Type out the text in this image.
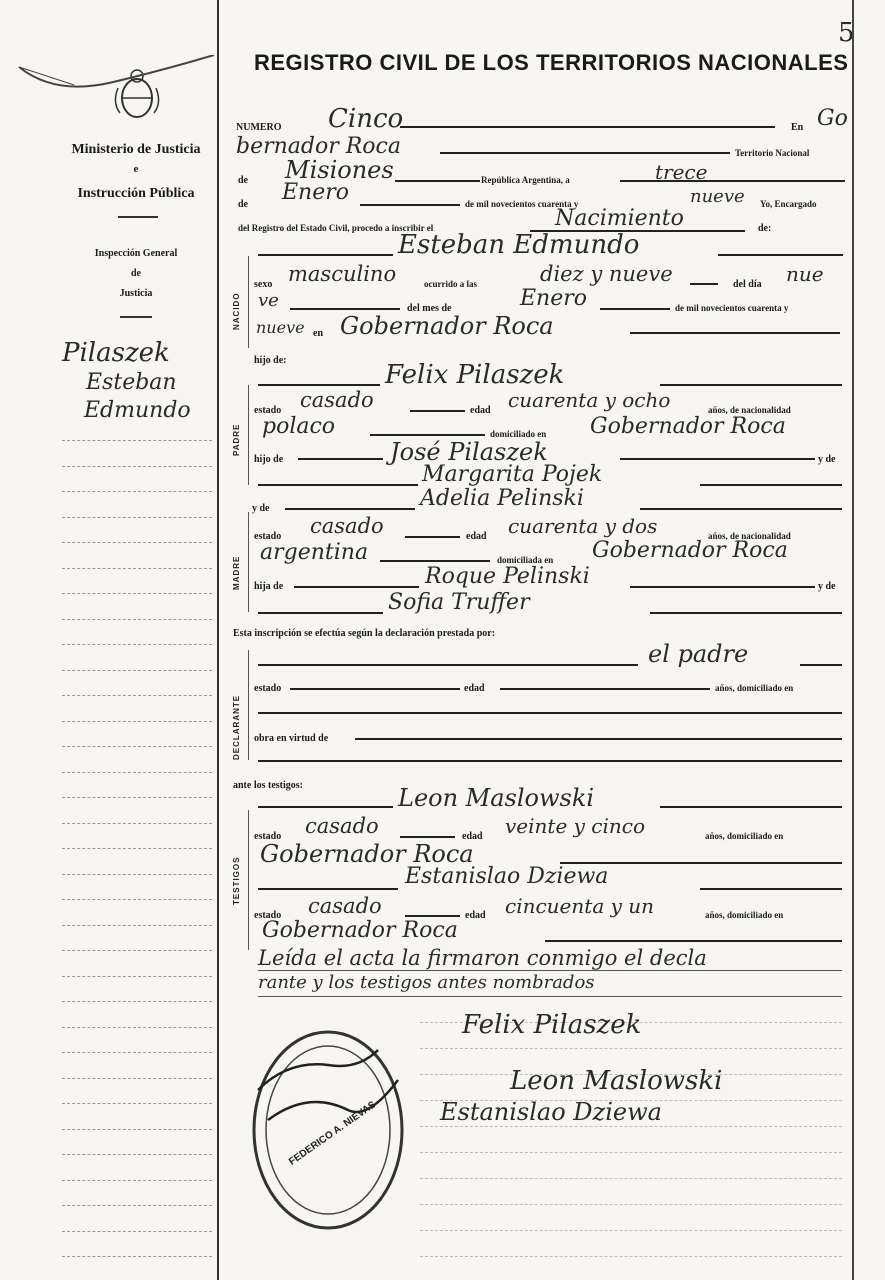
5
Ministerio de Justicia
e
Instrucción Pública
Inspección General
de
Justicia
Pilaszek
Esteban
Edmundo
REGISTRO CIVIL DE LOS TERRITORIOS NACIONALES
NUMERO Cinco	En Go
bernador Roca	Territorio Nacional
de Misiones	República Argentina, a	trece
de Enero	de mil novecientos cuarenta y	nueve Yo, Encargado
del Registro del Estado Civil, procedo a inscribir el	Nacimiento	de:
Esteban Edmundo
NACIDO
sexo masculino	ocurrido a las	diez y nueve	del día nue
ve	del mes de	Enero	de mil novecientos cuarenta y
nueve en Gobernador Roca
hijo de:
PADRE
Felix Pilaszek
estado casado	edad cuarenta y ocho	años, de nacionalidad
polaco	domiciliado en Gobernador Roca
hijo de	José Pilaszek	y de
Margarita Pojek
y de	Adelia Pelinski
MADRE
estado casado	edad cuarenta y dos	años, de nacionalidad
argentina	domiciliada en Gobernador Roca
hija de	Roque Pelinski	y de
Sofia Truffer
Esta inscripción se efectúa según la declaración prestada por:
DECLARANTE
el padre
estado	edad	años, domiciliado en
obra en virtud de
ante los testigos:
TESTIGOS
Leon Maslowski
estado casado	edad veinte y cinco	años, domiciliado en
Gobernador Roca
Estanislao Dziewa
estado casado	edad cincuenta y un	años, domiciliado en
Gobernador Roca
Leída el acta la firmaron conmigo el decla
rante y los testigos antes nombrados
Felix Pilaszek
Leon Maslowski
Estanislao Dziewa
FEDERICO A. NIEVAS
